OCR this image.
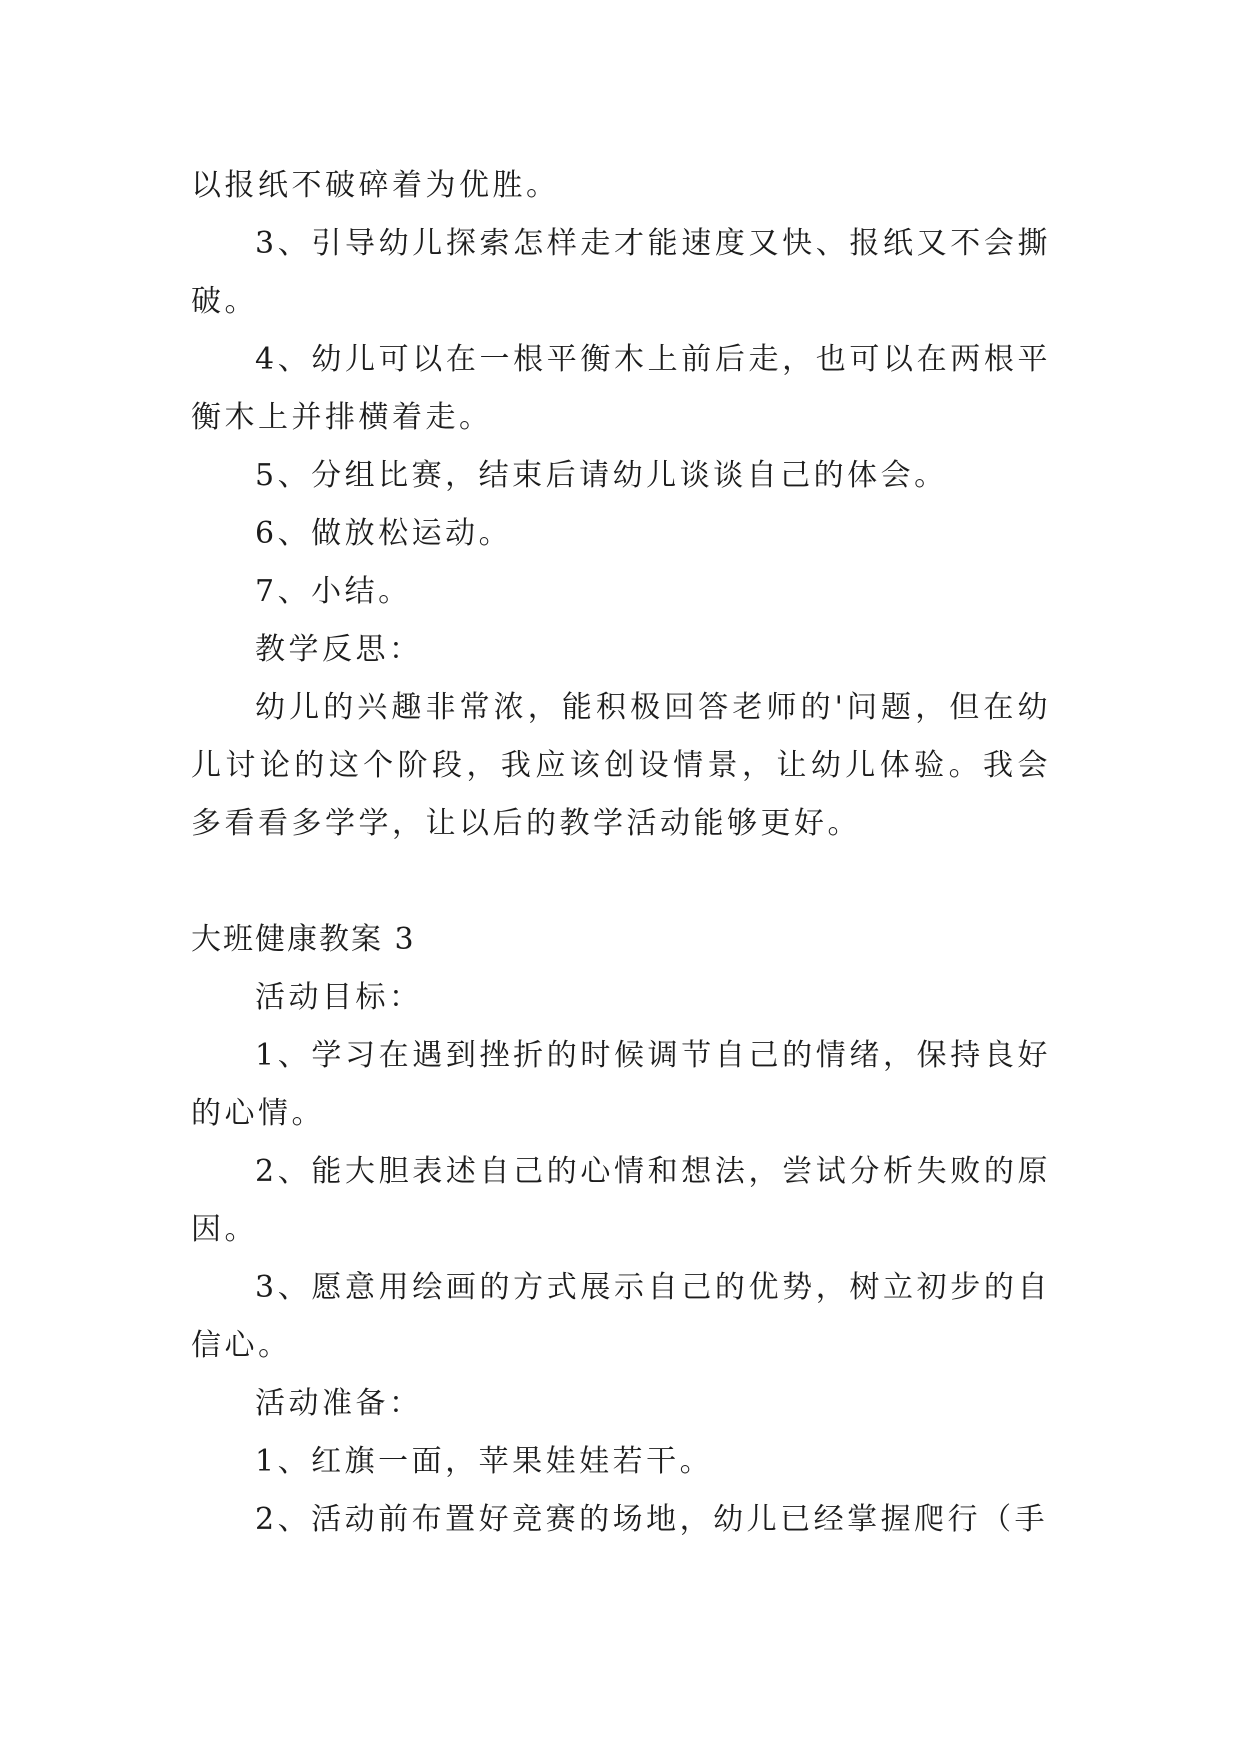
以报纸不破碎着为优胜。

3、引导幼儿探索怎样走才能速度又快、报纸又不会撕破。

4、幼儿可以在一根平衡木上前后走，也可以在两根平衡木上并排横着走。

5、分组比赛，结束后请幼儿谈谈自己的体会。

6、做放松运动。

7、小结。

教学反思：

幼儿的兴趣非常浓，能积极回答老师的'问题，但在幼儿讨论的这个阶段，我应该创设情景，让幼儿体验。我会多看看多学学，让以后的教学活动能够更好。

大班健康教案 3

活动目标：

1、学习在遇到挫折的时候调节自己的情绪，保持良好的心情。

2、能大胆表述自己的心情和想法，尝试分析失败的原因。

3、愿意用绘画的方式展示自己的优势，树立初步的自信心。

活动准备：

1、红旗一面，苹果娃娃若干。

2、活动前布置好竞赛的场地，幼儿已经掌握爬行（手
